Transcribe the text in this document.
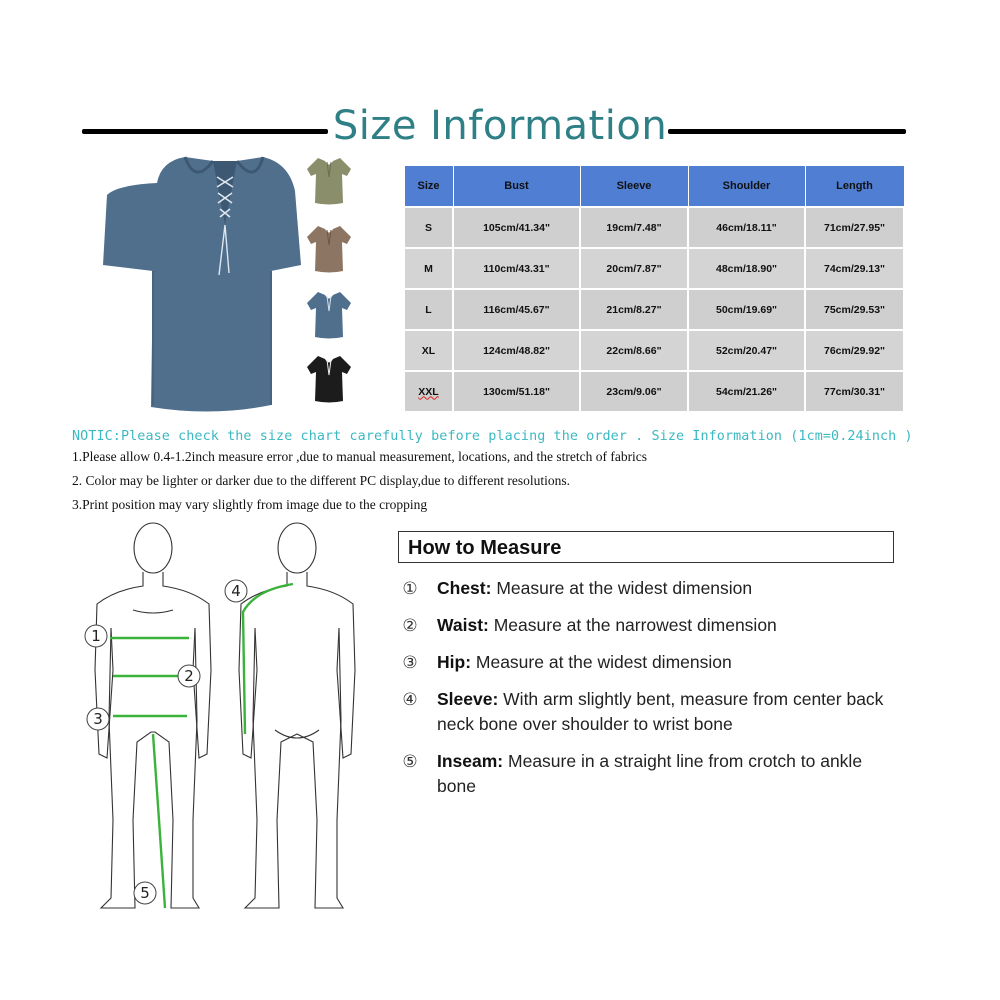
Size Information
Size	Bust	Sleeve	Shoulder	Length
S	105cm/41.34"	19cm/7.48"	46cm/18.11"	71cm/27.95"
M	110cm/43.31"	20cm/7.87"	48cm/18.90"	74cm/29.13"
L	116cm/45.67"	21cm/8.27"	50cm/19.69"	75cm/29.53"
XL	124cm/48.82"	22cm/8.66"	52cm/20.47"	76cm/29.92"
XXL	130cm/51.18"	23cm/9.06"	54cm/21.26"	77cm/30.31"
NOTIC:Please check the size chart carefully before placing the order . Size Information (1cm=0.24inch )
1.Please allow 0.4-1.2inch measure error ,due to manual measurement, locations, and the stretch of fabrics
2. Color may be lighter or darker due to the different PC display,due to different resolutions.
3.Print position may vary slightly from image due to the cropping
1
2
3
4
5
How to Measure
① Chest: Measure at the widest dimension
② Waist: Measure at the narrowest dimension
③ Hip: Measure at the widest dimension
④ Sleeve: With arm slightly bent, measure from center back neck bone over shoulder to wrist bone
⑤ Inseam: Measure in a straight line from crotch to ankle bone
